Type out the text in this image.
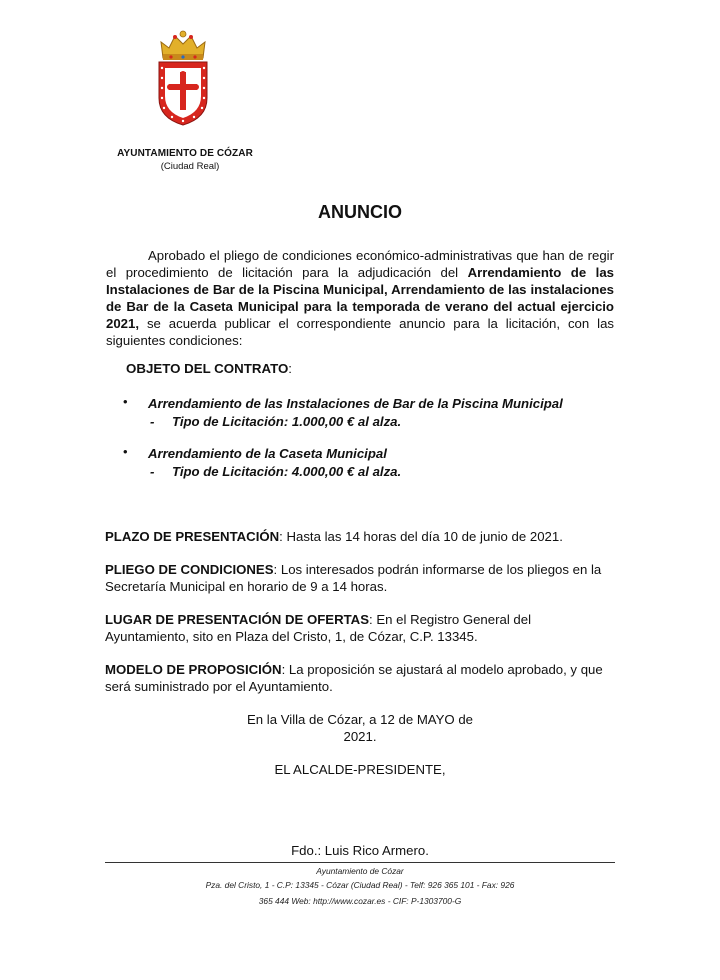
AYUNTAMIENTO DE CÓZAR
(Ciudad Real)
ANUNCIO

Aprobado el pliego de condiciones económico-administrativas que han de regir el procedimiento de licitación para la adjudicación del Arrendamiento de las Instalaciones de Bar de la Piscina Municipal, Arrendamiento de las instalaciones de Bar de la Caseta Municipal para la temporada de verano del actual ejercicio 2021, se acuerda publicar el correspondiente anuncio para la licitación, con las siguientes condiciones:

OBJETO DEL CONTRATO:
• Arrendamiento de las Instalaciones de Bar de la Piscina Municipal
- Tipo de Licitación: 1.000,00 € al alza.
• Arrendamiento de la Caseta Municipal
- Tipo de Licitación: 4.000,00 € al alza.

PLAZO DE PRESENTACIÓN: Hasta las 14 horas del día 10 de junio de 2021.

PLIEGO DE CONDICIONES: Los interesados podrán informarse de los pliegos en la Secretaría Municipal en horario de 9 a 14 horas.

LUGAR DE PRESENTACIÓN DE OFERTAS: En el Registro General del Ayuntamiento, sito en Plaza del Cristo, 1, de Cózar, C.P. 13345.

MODELO DE PROPOSICIÓN: La proposición se ajustará al modelo aprobado, y que será suministrado por el Ayuntamiento.

En la Villa de Cózar, a 12 de MAYO de
2021.
EL ALCALDE-PRESIDENTE,
Fdo.: Luis Rico Armero.
Ayuntamiento de Cózar
Pza. del Cristo, 1 - C.P: 13345 - Cózar (Ciudad Real) - Telf: 926 365 101 - Fax: 926
365 444 Web: http://www.cozar.es - CIF: P-1303700-G
